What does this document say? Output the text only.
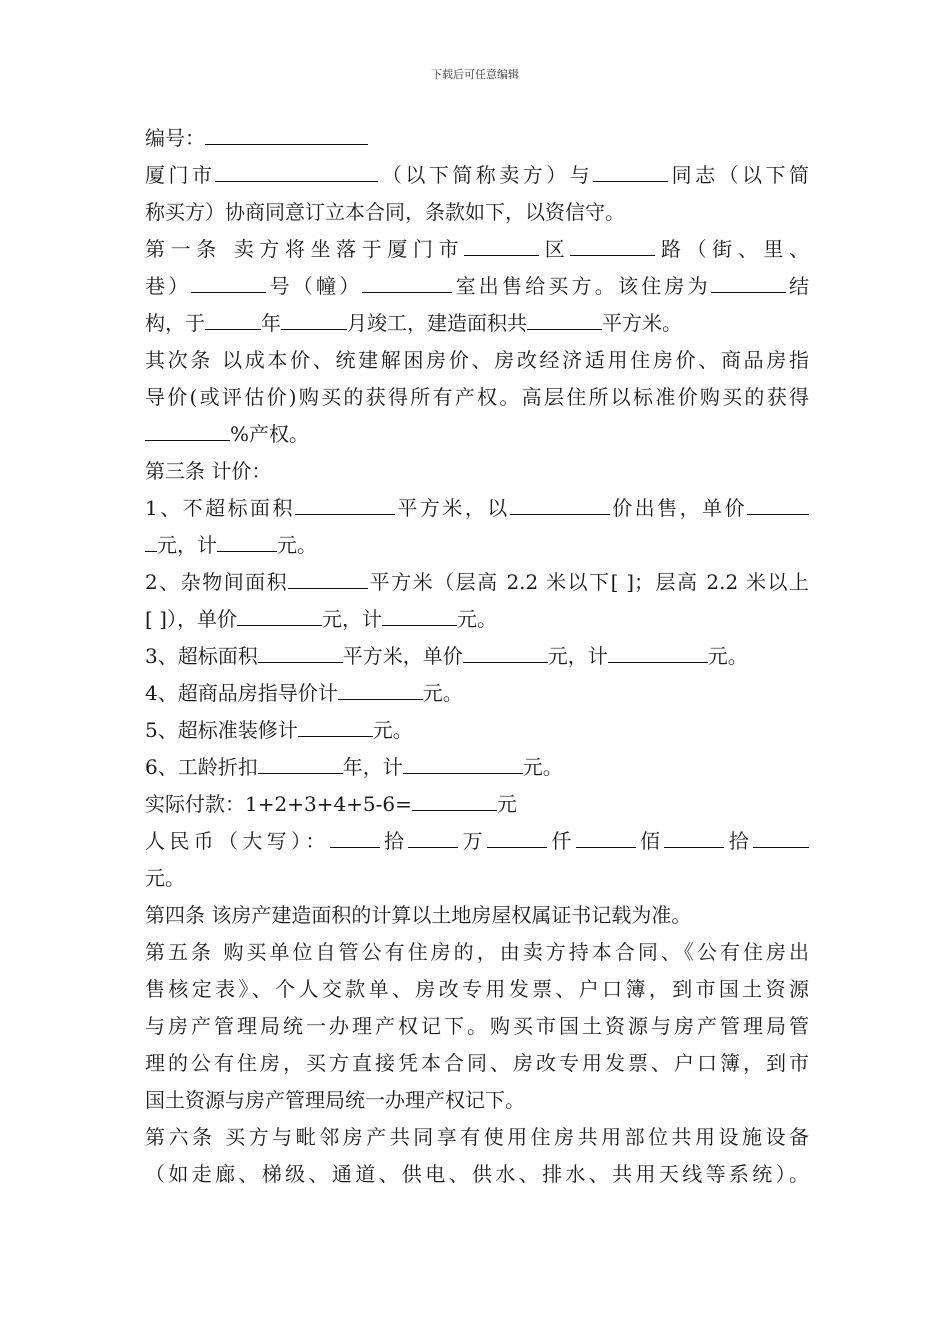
下载后可任意编辑
编号：
厦门市	（以下简称卖方）与	同志（以下简
称买方）协商同意订立本合同，条款如下，以资信守。
第一条 卖方将坐落于厦门市	区	路（街、里、
巷）	号（幢）	室出售给买方。该住房为	结
构，于	年	月竣工，建造面积共	平方米。
其次条 以成本价、统建解困房价、房改经济适用住房价、商品房指
导价(或评估价)购买的获得所有产权。高层住所以标准价购买的获得
%产权。
第三条 计价：
1、不超标面积	平方米，以	价出售，单价
元，计	元。
2、杂物间面积	平方米（层高 2.2 米以下[ ]；层高 2.2 米以上
[ ]），单价	元，计	元。
3、超标面积	平方米，单价	元，计	元。
4、超商品房指导价计	元。
5、超标准装修计	元。
6、工龄折扣	年，计	元。
实际付款：1+2+3+4+5-6=	元
人民币（大写）：	拾	万	仟	佰	拾
元。
第四条 该房产建造面积的计算以土地房屋权属证书记载为准。
第五条 购买单位自管公有住房的，由卖方持本合同、《公有住房出
售核定表》、个人交款单、房改专用发票、户口簿，到市国土资源
与房产管理局统一办理产权记下。购买市国土资源与房产管理局管
理的公有住房，买方直接凭本合同、房改专用发票、户口簿，到市
国土资源与房产管理局统一办理产权记下。
第六条 买方与毗邻房产共同享有使用住房共用部位共用设施设备
（如走廊、梯级、通道、供电、供水、排水、共用天线等系统）。
